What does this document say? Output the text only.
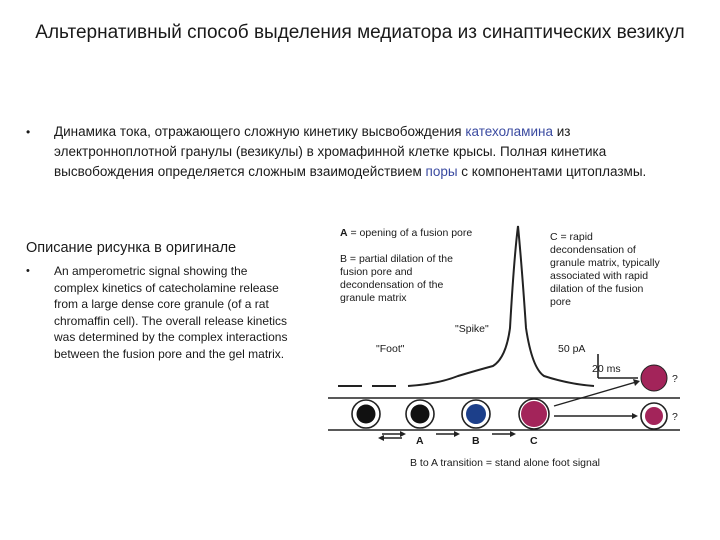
Альтернативный способ выделения медиатора из синаптических везикул
•	Динамика тока, отражающего сложную кинетику высвобождения катехоламина из электронноплотной гранулы (везикулы) в хромафинной клетке крысы. Полная кинетика высвобождения определяется сложным взаимодействием поры с компонентами цитоплазмы.
Описание рисунка в оригинале
•	An amperometric signal showing the complex kinetics of catecholamine release from a large dense core granule (of a rat chromaffin cell). The overall release kinetics was determined by the complex interactions between the fusion pore and the gel matrix.
A = opening of a fusion pore
B = partial dilation of the
fusion pore and
decondensation of the
granule matrix
C = rapid
decondensation of
granule matrix, typically
associated with rapid
dilation of the fusion
pore
"Spike"
"Foot"	50 pA
20 ms
?
?
A	B	C
B to A transition = stand alone foot signal
